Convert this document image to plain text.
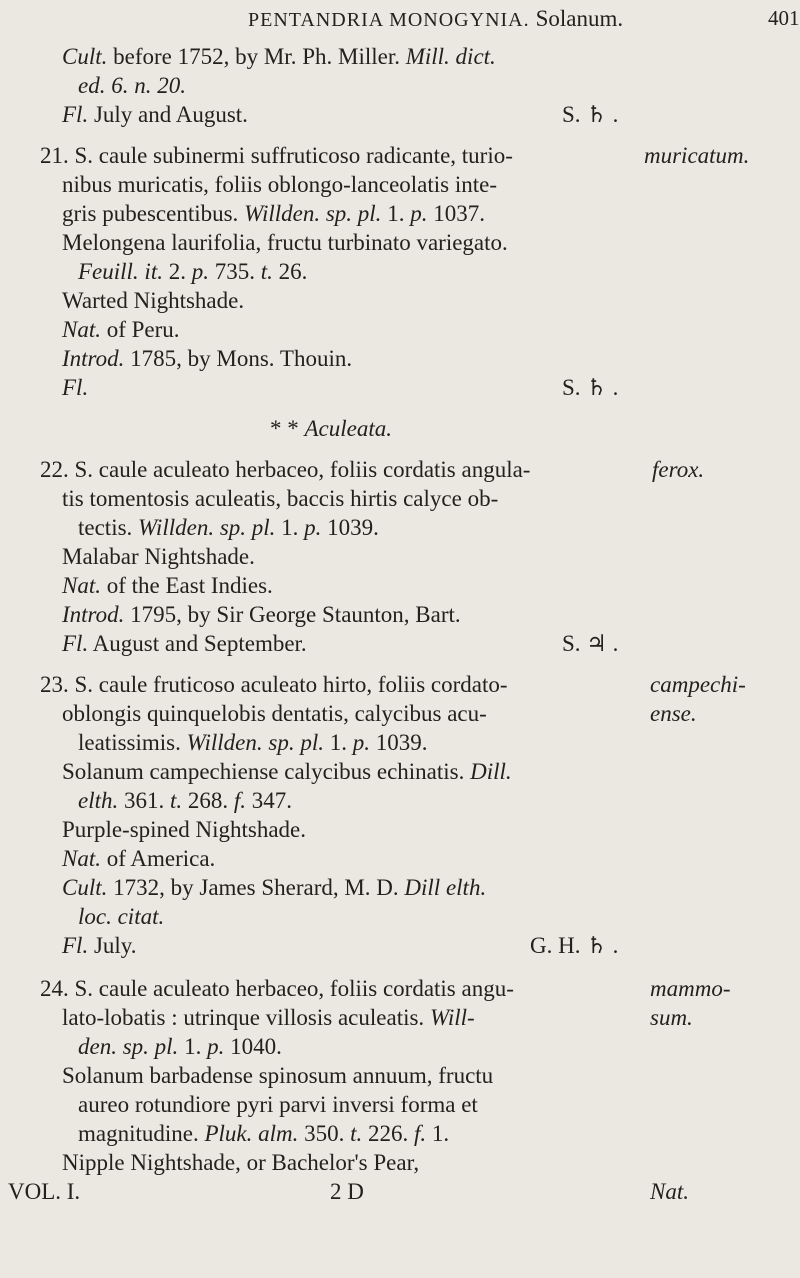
PENTANDRIA MONOGYNIA. Solanum.	401
Cult. before 1752, by Mr. Ph. Miller. Mill. dict.
ed. 6. n. 20.
Fl. July and August.	S. ♄ .
21. S. caule subinermi suffruticoso radicante, turio-	muricatum.
nibus muricatis, foliis oblongo-lanceolatis inte-
gris pubescentibus. Willden. sp. pl. 1. p. 1037.
Melongena laurifolia, fructu turbinato variegato.
Feuill. it. 2. p. 735. t. 26.
Warted Nightshade.
Nat. of Peru.
Introd. 1785, by Mons. Thouin.
Fl.	S. ♄ .
* * Aculeata.
22. S. caule aculeato herbaceo, foliis cordatis angula-	ferox.
tis tomentosis aculeatis, baccis hirtis calyce ob-
tectis. Willden. sp. pl. 1. p. 1039.
Malabar Nightshade.
Nat. of the East Indies.
Introd. 1795, by Sir George Staunton, Bart.
Fl. August and September.	S. ♃ .
23. S. caule fruticoso aculeato hirto, foliis cordato-	campechi-
oblongis quinquelobis dentatis, calycibus acu-	ense.
leatissimis. Willden. sp. pl. 1. p. 1039.
Solanum campechiense calycibus echinatis. Dill.
elth. 361. t. 268. f. 347.
Purple-spined Nightshade.
Nat. of America.
Cult. 1732, by James Sherard, M. D. Dill elth.
loc. citat.
Fl. July.	G. H. ♄ .
24. S. caule aculeato herbaceo, foliis cordatis angu-	mammo-
lato-lobatis : utrinque villosis aculeatis. Will-	sum.
den. sp. pl. 1. p. 1040.
Solanum barbadense spinosum annuum, fructu
aureo rotundiore pyri parvi inversi forma et
magnitudine. Pluk. alm. 350. t. 226. f. 1.
Nipple Nightshade, or Bachelor's Pear,
VOL. I.	2 D	Nat.
